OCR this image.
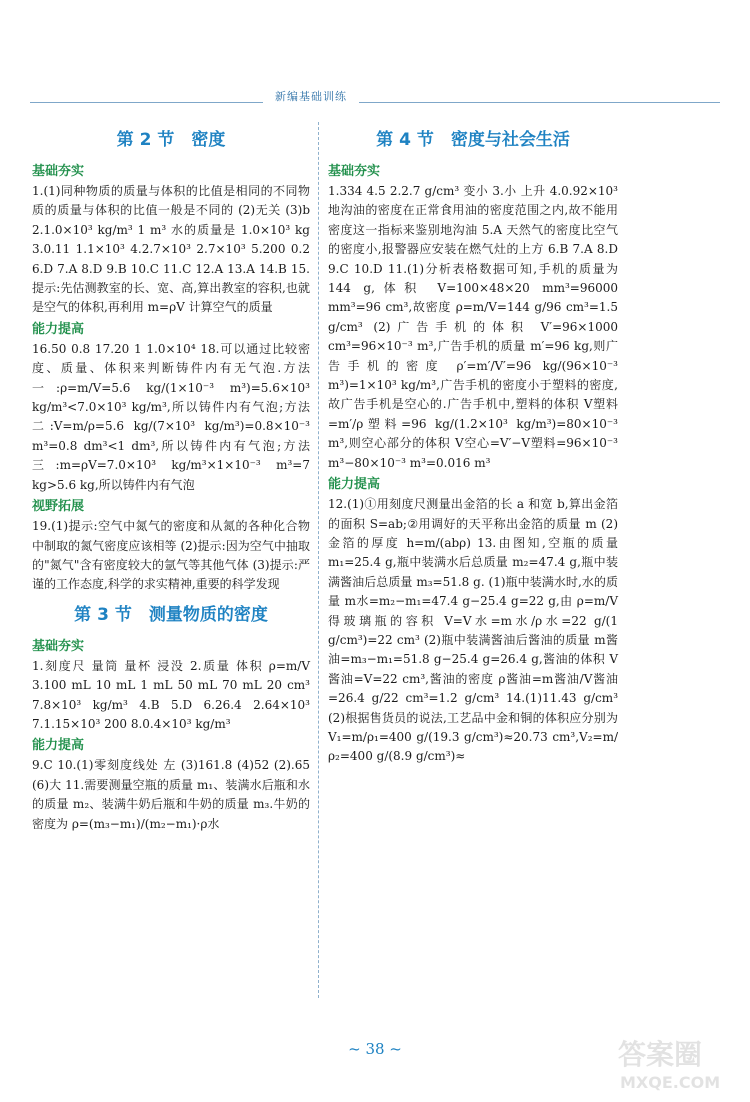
新编基础训练
第 2 节　密度
基础夯实
1.(1)同种物质的质量与体积的比值是相同的不同物质的质量与体积的比值一般是不同的 (2)无关 (3)b 2.1.0×10³ kg/m³ 1 m³ 水的质量是 1.0×10³ kg 3.0.11 1.1×10³ 4.2.7×10³ 2.7×10³ 5.200 0.2 6.D 7.A 8.D 9.B 10.C 11.C 12.A 13.A 14.B 15.提示:先估测教室的长、宽、高,算出教室的容积,也就是空气的体积,再利用 m=ρV 计算空气的质量
能力提高
16.50 0.8 17.20 1 1.0×10⁴ 18.可以通过比较密度、质量、体积来判断铸件内有无气泡.方法一:ρ=m/V=5.6 kg/(1×10⁻³ m³)=5.6×10³ kg/m³<7.0×10³ kg/m³,所以铸件内有气泡;方法二:V=m/ρ=5.6 kg/(7×10³ kg/m³)=0.8×10⁻³ m³=0.8 dm³<1 dm³,所以铸件内有气泡;方法三:m=ρV=7.0×10³ kg/m³×1×10⁻³ m³=7 kg>5.6 kg,所以铸件内有气泡
视野拓展
19.(1)提示:空气中氮气的密度和从氮的各种化合物中制取的氮气密度应该相等 (2)提示:因为空气中抽取的"氮气"含有密度较大的氩气等其他气体 (3)提示:严谨的工作态度,科学的求实精神,重要的科学发现
第 3 节　测量物质的密度
基础夯实
1.刻度尺 量筒 量杯 浸没 2.质量 体积 ρ=m/V 3.100 mL 10 mL 1 mL 50 mL 70 mL 20 cm³ 7.8×10³ kg/m³ 4.B 5.D 6.26.4 2.64×10³ 7.1.15×10³ 200 8.0.4×10³ kg/m³
能力提高
9.C 10.(1)零刻度线处 左 (3)161.8 (4)52 (2).65 (6)大 11.需要测量空瓶的质量 m₁、装满水后瓶和水的质量 m₂、装满牛奶后瓶和牛奶的质量 m₃.牛奶的密度为 ρ=(m₃−m₁)/(m₂−m₁)·ρ水
第 4 节　密度与社会生活
基础夯实
1.334 4.5 2.2.7 g/cm³ 变小 3.小 上升 4.0.92×10³ 地沟油的密度在正常食用油的密度范围之内,故不能用密度这一指标来鉴别地沟油 5.A 天然气的密度比空气的密度小,报警器应安装在燃气灶的上方 6.B 7.A 8.D 9.C 10.D 11.(1)分析表格数据可知,手机的质量为 144 g,体积 V=100×48×20 mm³=96000 mm³=96 cm³,故密度 ρ=m/V=144 g/96 cm³=1.5 g/cm³ (2)广告手机的体积 V′=96×1000 cm³=96×10⁻³ m³,广告手机的质量 m′=96 kg,则广告手机的密度 ρ′=m′/V′=96 kg/(96×10⁻³ m³)=1×10³ kg/m³,广告手机的密度小于塑料的密度,故广告手机是空心的.广告手机中,塑料的体积 V塑料=m′/ρ塑料=96 kg/(1.2×10³ kg/m³)=80×10⁻³ m³,则空心部分的体积 V空心=V′−V塑料=96×10⁻³ m³−80×10⁻³ m³=0.016 m³
能力提高
12.(1)①用刻度尺测量出金箔的长 a 和宽 b,算出金箔的面积 S=ab;②用调好的天平称出金箔的质量 m (2)金箔的厚度 h=m/(abρ) 13.由图知,空瓶的质量 m₁=25.4 g,瓶中装满水后总质量 m₂=47.4 g,瓶中装满酱油后总质量 m₃=51.8 g. (1)瓶中装满水时,水的质量 m水=m₂−m₁=47.4 g−25.4 g=22 g,由 ρ=m/V 得玻璃瓶的容积 V=V水=m水/ρ水=22 g/(1 g/cm³)=22 cm³ (2)瓶中装满酱油后酱油的质量 m酱油=m₃−m₁=51.8 g−25.4 g=26.4 g,酱油的体积 V酱油=V=22 cm³,酱油的密度 ρ酱油=m酱油/V酱油=26.4 g/22 cm³=1.2 g/cm³ 14.(1)11.43 g/cm³ (2)根据售货员的说法,工艺品中金和铜的体积应分别为 V₁=m/ρ₁=400 g/(19.3 g/cm³)≈20.73 cm³,V₂=m/ρ₂=400 g/(8.9 g/cm³)≈
~ 38 ~	答案圈
MXQE.COM
